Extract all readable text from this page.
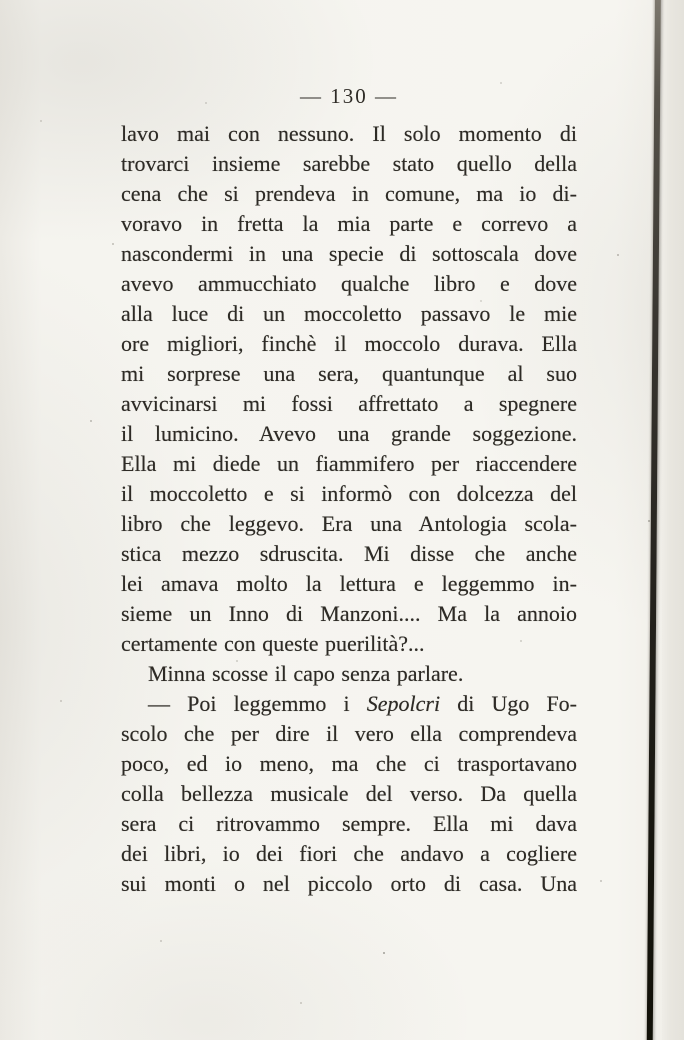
— 130 —
lavo mai con nessuno. Il solo momento di
trovarci insieme sarebbe stato quello della
cena che si prendeva in comune, ma io di-
voravo in fretta la mia parte e correvo a
nascondermi in una specie di sottoscala dove
avevo ammucchiato qualche libro e dove
alla luce di un moccoletto passavo le mie
ore migliori, finchè il moccolo durava. Ella
mi sorprese una sera, quantunque al suo
avvicinarsi mi fossi affrettato a spegnere
il lumicino. Avevo una grande soggezione.
Ella mi diede un fiammifero per riaccendere
il moccoletto e si informò con dolcezza del
libro che leggevo. Era una Antologia scola-
stica mezzo sdruscita. Mi disse che anche
lei amava molto la lettura e leggemmo in-
sieme un Inno di Manzoni.... Ma la annoio
certamente con queste puerilità?...
Minna scosse il capo senza parlare.
— Poi leggemmo i Sepolcri di Ugo Fo-
scolo che per dire il vero ella comprendeva
poco, ed io meno, ma che ci trasportavano
colla bellezza musicale del verso. Da quella
sera ci ritrovammo sempre. Ella mi dava
dei libri, io dei fiori che andavo a cogliere
sui monti o nel piccolo orto di casa. Una
